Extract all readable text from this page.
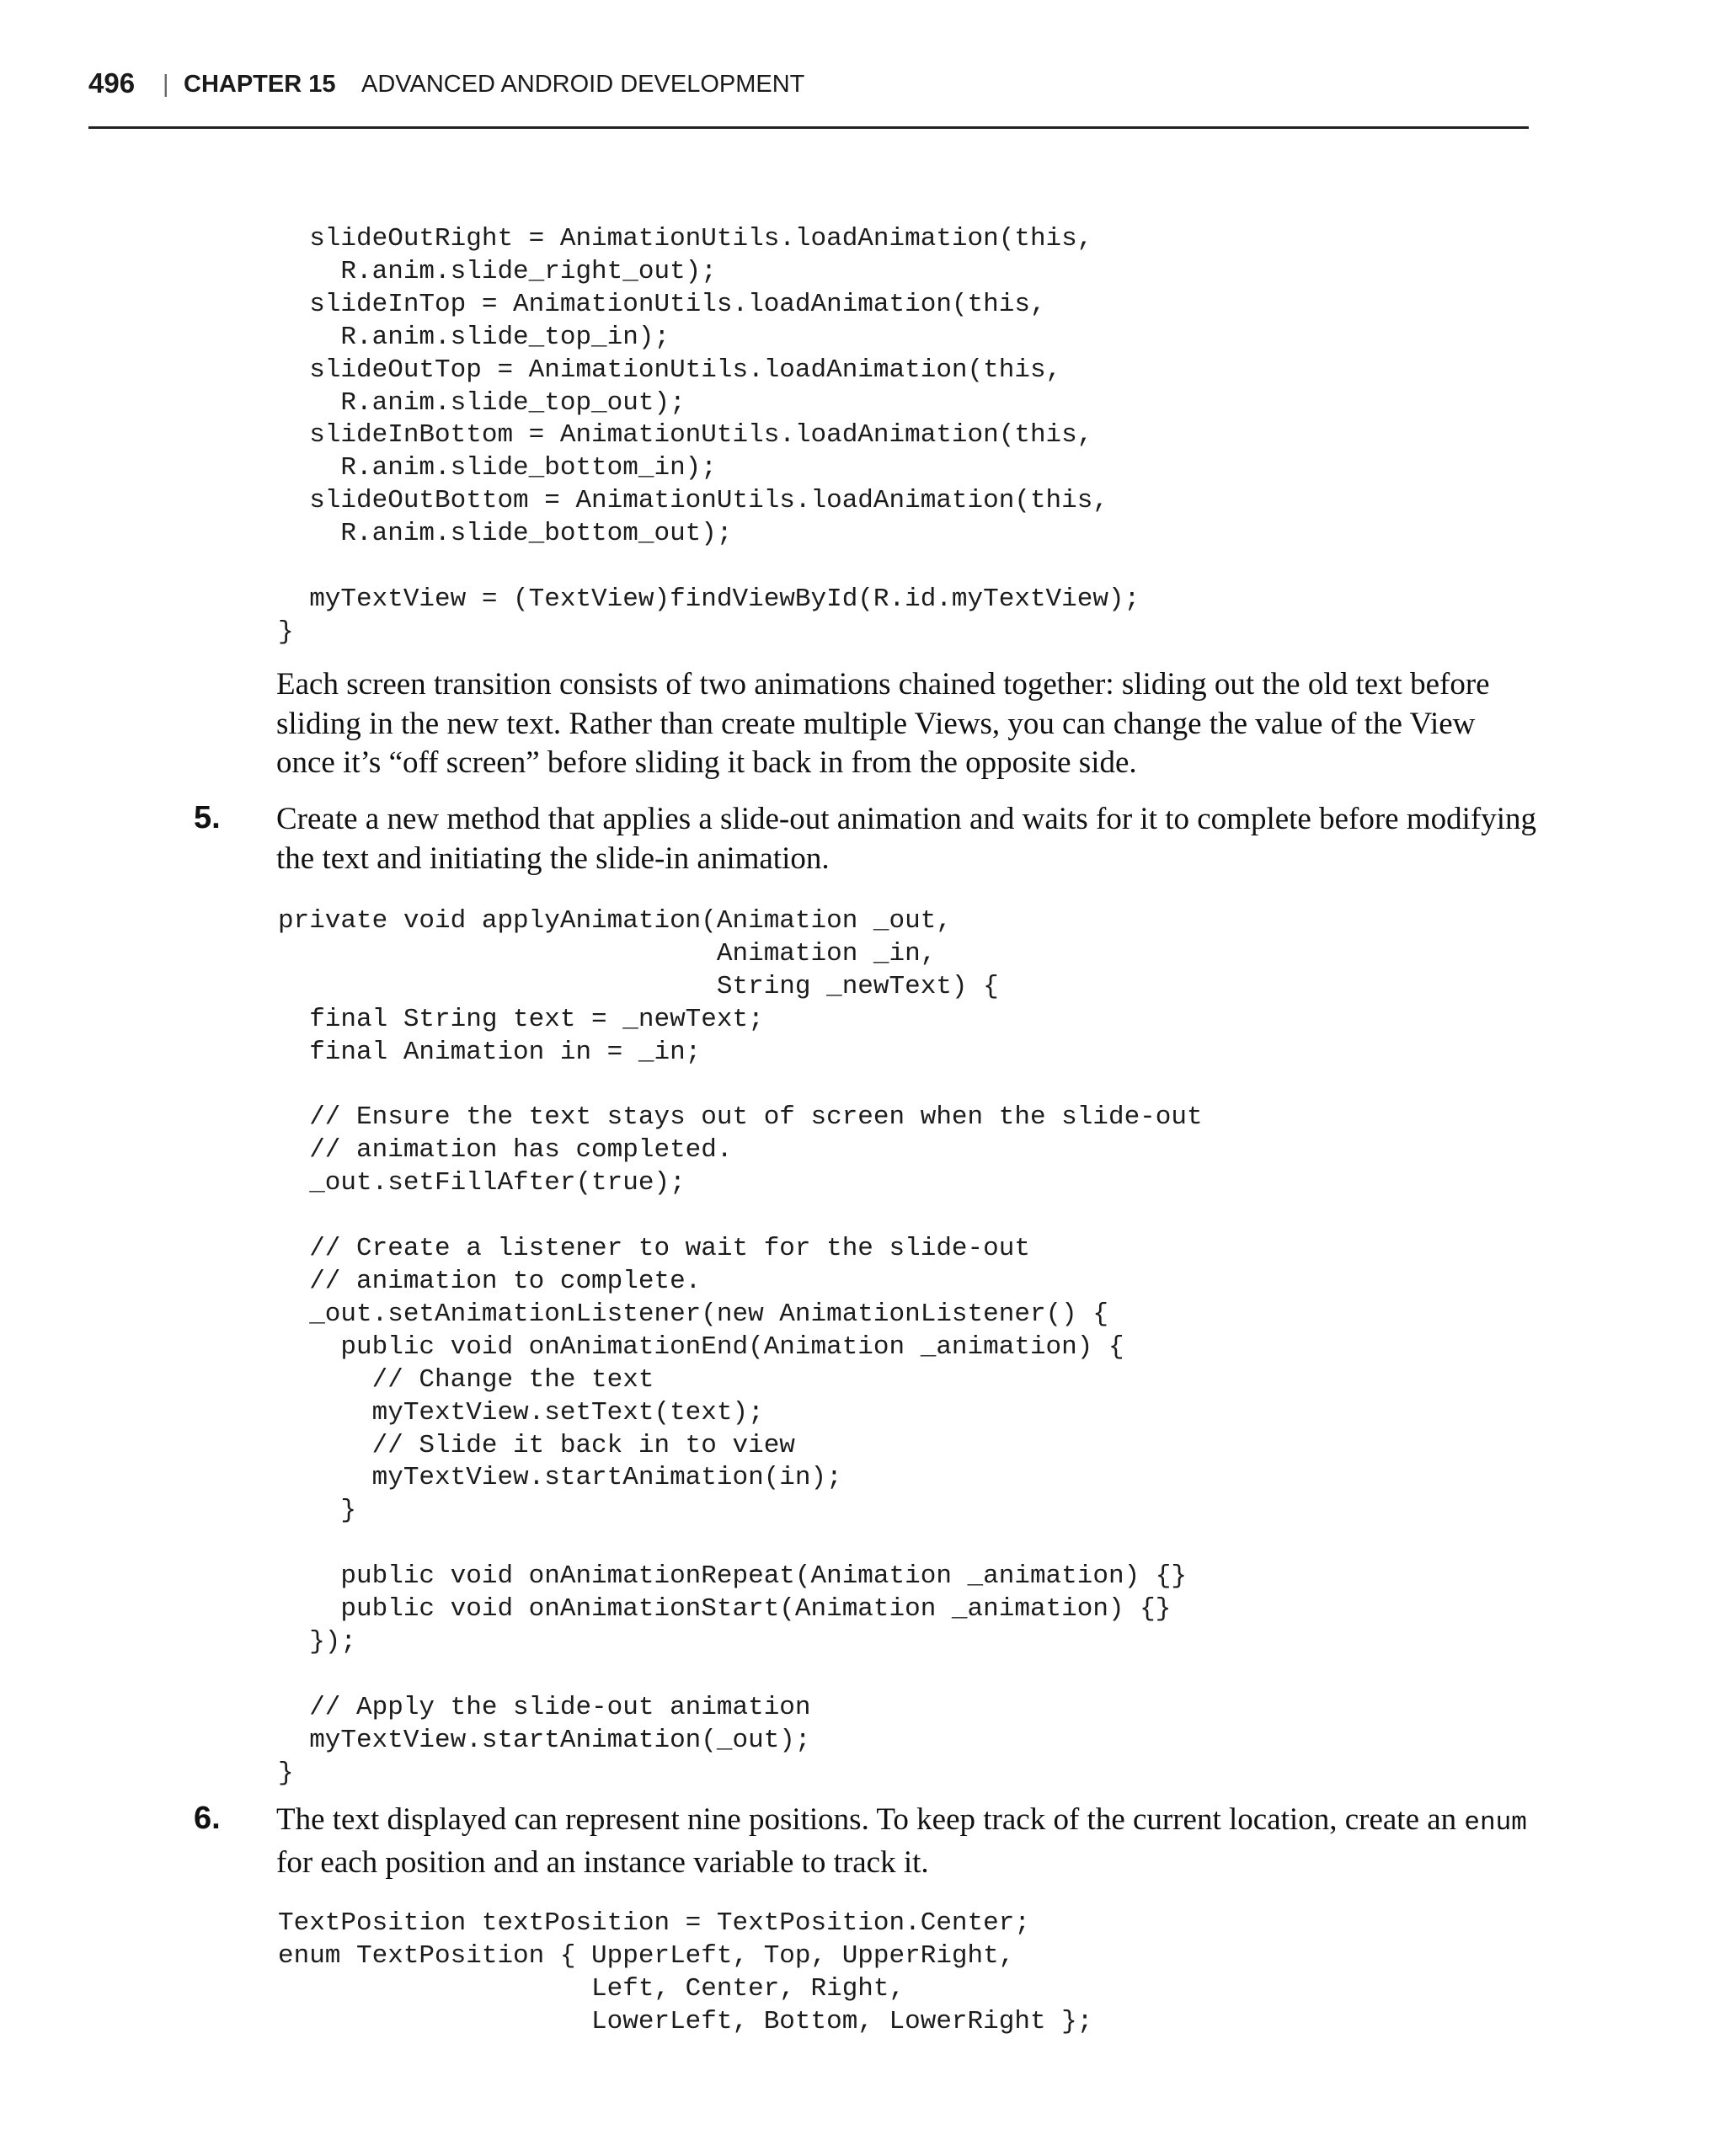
496 | CHAPTER 15 ADVANCED ANDROID DEVELOPMENT
slideOutRight = AnimationUtils.loadAnimation(this,
R.anim.slide_right_out);
slideInTop = AnimationUtils.loadAnimation(this,
R.anim.slide_top_in);
slideOutTop = AnimationUtils.loadAnimation(this,
R.anim.slide_top_out);
slideInBottom = AnimationUtils.loadAnimation(this,
R.anim.slide_bottom_in);
slideOutBottom = AnimationUtils.loadAnimation(this,
R.anim.slide_bottom_out);

myTextView = (TextView)findViewById(R.id.myTextView);
}

Each screen transition consists of two animations chained together: sliding out the old text before sliding in the new text. Rather than create multiple Views, you can change the value of the View once it’s “off screen” before sliding it back in from the opposite side.

5. Create a new method that applies a slide-out animation and waits for it to complete before modifying the text and initiating the slide-in animation.

private void applyAnimation(Animation _out,
Animation _in,
String _newText) {
final String text = _newText;
final Animation in = _in;

// Ensure the text stays out of screen when the slide-out
// animation has completed.
_out.setFillAfter(true);

// Create a listener to wait for the slide-out
// animation to complete.
_out.setAnimationListener(new AnimationListener() {
public void onAnimationEnd(Animation _animation) {
// Change the text
myTextView.setText(text);
// Slide it back in to view
myTextView.startAnimation(in);
}

public void onAnimationRepeat(Animation _animation) {}
public void onAnimationStart(Animation _animation) {}
});

// Apply the slide-out animation
myTextView.startAnimation(_out);
}
6. The text displayed can represent nine positions. To keep track of the current location, create an enum for each position and an instance variable to track it.

TextPosition textPosition = TextPosition.Center;
enum TextPosition { UpperLeft, Top, UpperRight,
Left, Center, Right,
LowerLeft, Bottom, LowerRight };
